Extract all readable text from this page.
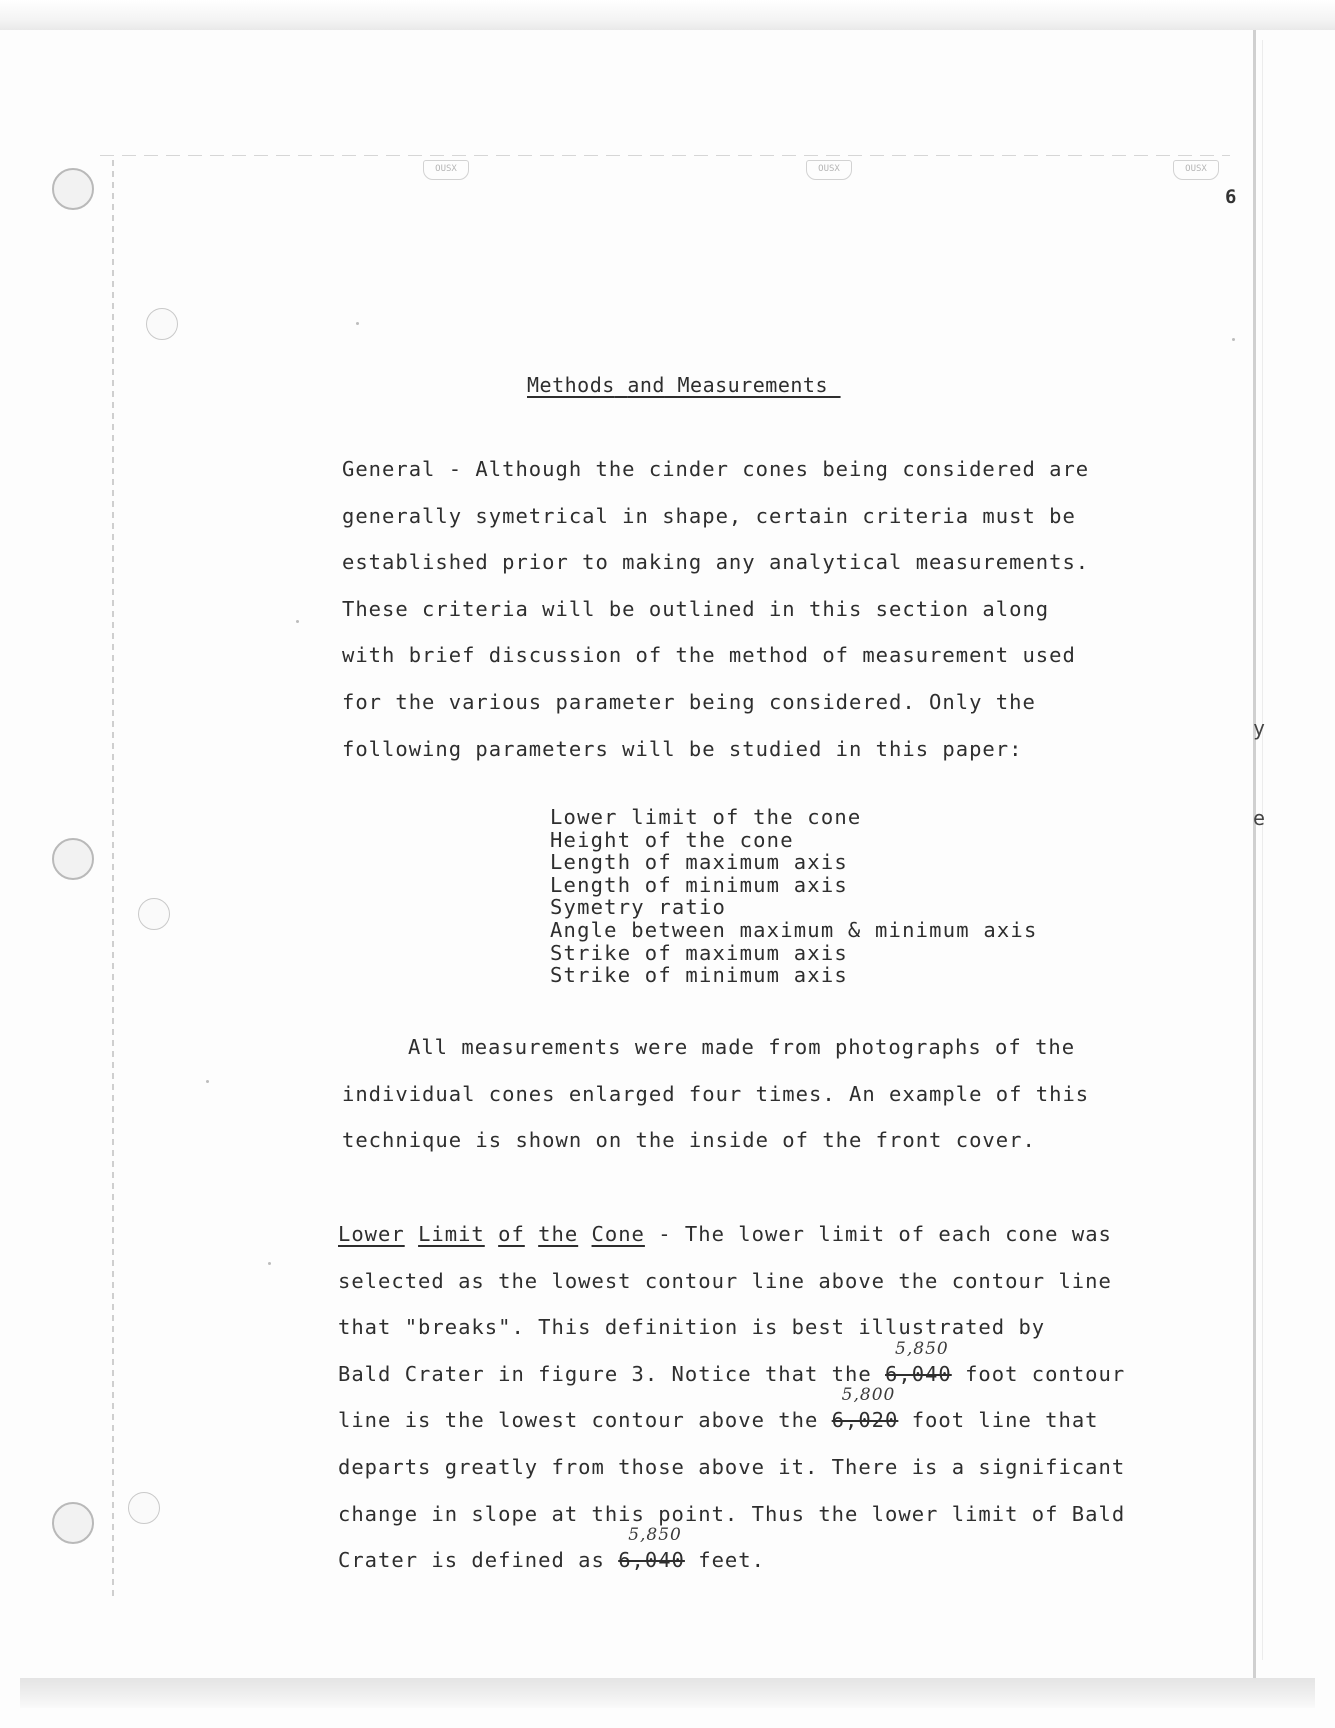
OUSX	OUSX	OUSX
6
y
e
Methods and Measurements

General - Although the cinder cones being considered are
generally symetrical in shape, certain criteria must be
established prior to making any analytical measurements.
These criteria will be outlined in this section along
with brief discussion of the method of measurement used
for the various parameter being considered. Only the
following parameters will be studied in this paper:

Lower limit of the cone
Height of the cone
Length of maximum axis
Length of minimum axis
Symetry ratio
Angle between maximum & minimum axis
Strike of maximum axis
Strike of minimum axis

All measurements were made from photographs of the
individual cones enlarged four times. An example of this
technique is shown on the inside of the front cover.

Lower Limit of the Cone - The lower limit of each cone was
selected as the lowest contour line above the contour line
that "breaks". This definition is best illustrated by
Bald Crater in figure 3. Notice that the
5,850
6,040 foot contour
line is the lowest contour above the
5,800
6,020 foot line that
departs greatly from those above it. There is a significant
change in slope at this point. Thus the lower limit of Bald
Crater is defined as
5,850
6,040 feet.
